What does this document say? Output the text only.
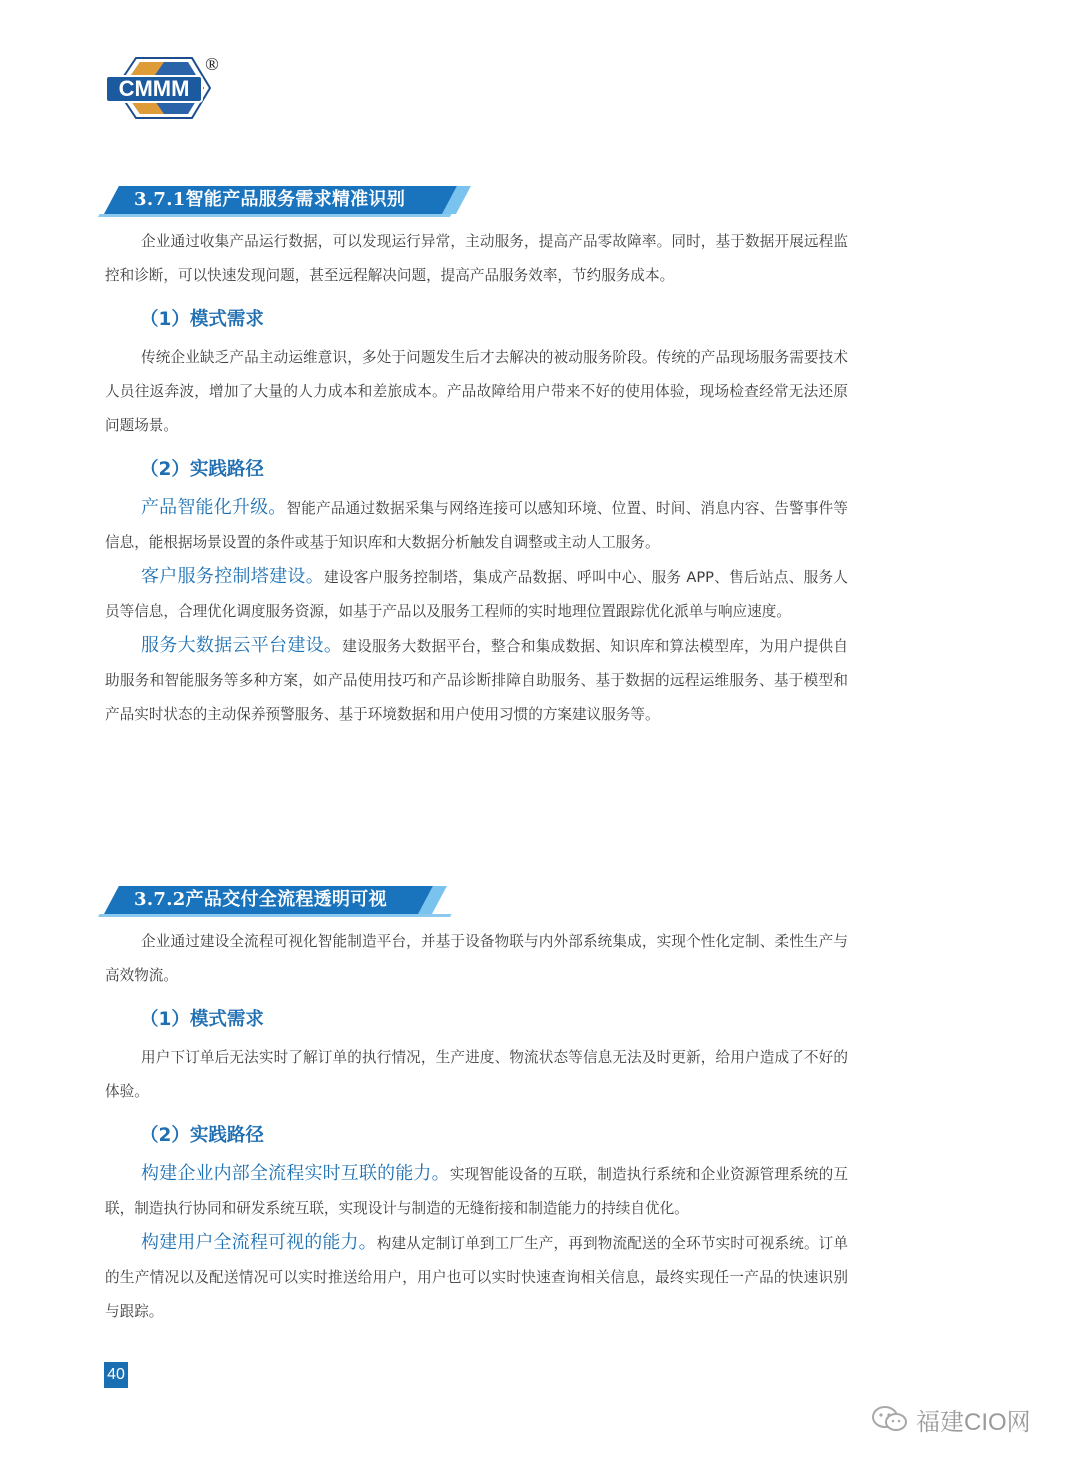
CMMM
®
3.7.1智能产品服务需求精准识别

企业通过收集产品运行数据，可以发现运行异常，主动服务，提高产品零故障率。同时，基于数据开展远程监控和诊断，可以快速发现问题，甚至远程解决问题，提高产品服务效率，节约服务成本。

（1）模式需求

传统企业缺乏产品主动运维意识，多处于问题发生后才去解决的被动服务阶段。传统的产品现场服务需要技术人员往返奔波，增加了大量的人力成本和差旅成本。产品故障给用户带来不好的使用体验，现场检查经常无法还原问题场景。

（2）实践路径

产品智能化升级。智能产品通过数据采集与网络连接可以感知环境、位置、时间、消息内容、告警事件等信息，能根据场景设置的条件或基于知识库和大数据分析触发自调整或主动人工服务。

客户服务控制塔建设。建设客户服务控制塔，集成产品数据、呼叫中心、服务 APP、售后站点、服务人员等信息，合理优化调度服务资源，如基于产品以及服务工程师的实时地理位置跟踪优化派单与响应速度。

服务大数据云平台建设。建设服务大数据平台，整合和集成数据、知识库和算法模型库，为用户提供自助服务和智能服务等多种方案，如产品使用技巧和产品诊断排障自助服务、基于数据的远程运维服务、基于模型和产品实时状态的主动保养预警服务、基于环境数据和用户使用习惯的方案建议服务等。

3.7.2产品交付全流程透明可视

企业通过建设全流程可视化智能制造平台，并基于设备物联与内外部系统集成，实现个性化定制、柔性生产与高效物流。

（1）模式需求

用户下订单后无法实时了解订单的执行情况，生产进度、物流状态等信息无法及时更新，给用户造成了不好的体验。

（2）实践路径

构建企业内部全流程实时互联的能力。实现智能设备的互联，制造执行系统和企业资源管理系统的互联，制造执行协同和研发系统互联，实现设计与制造的无缝衔接和制造能力的持续自优化。

构建用户全流程可视的能力。构建从定制订单到工厂生产，再到物流配送的全环节实时可视系统。订单的生产情况以及配送情况可以实时推送给用户，用户也可以实时快速查询相关信息，最终实现任一产品的快速识别与跟踪。

40
福建CIO网
